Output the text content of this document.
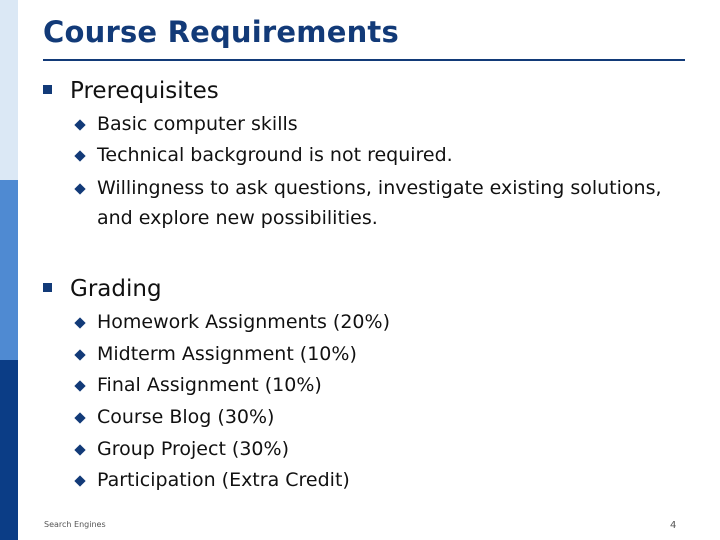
Course Requirements
Prerequisites
Basic computer skills
Technical background is not required.
Willingness to ask questions, investigate existing solutions,
and explore new possibilities.
Grading
Homework Assignments (20%)
Midterm Assignment (10%)
Final Assignment (10%)
Course Blog (30%)
Group Project (30%)
Participation (Extra Credit)
Search Engines	4
